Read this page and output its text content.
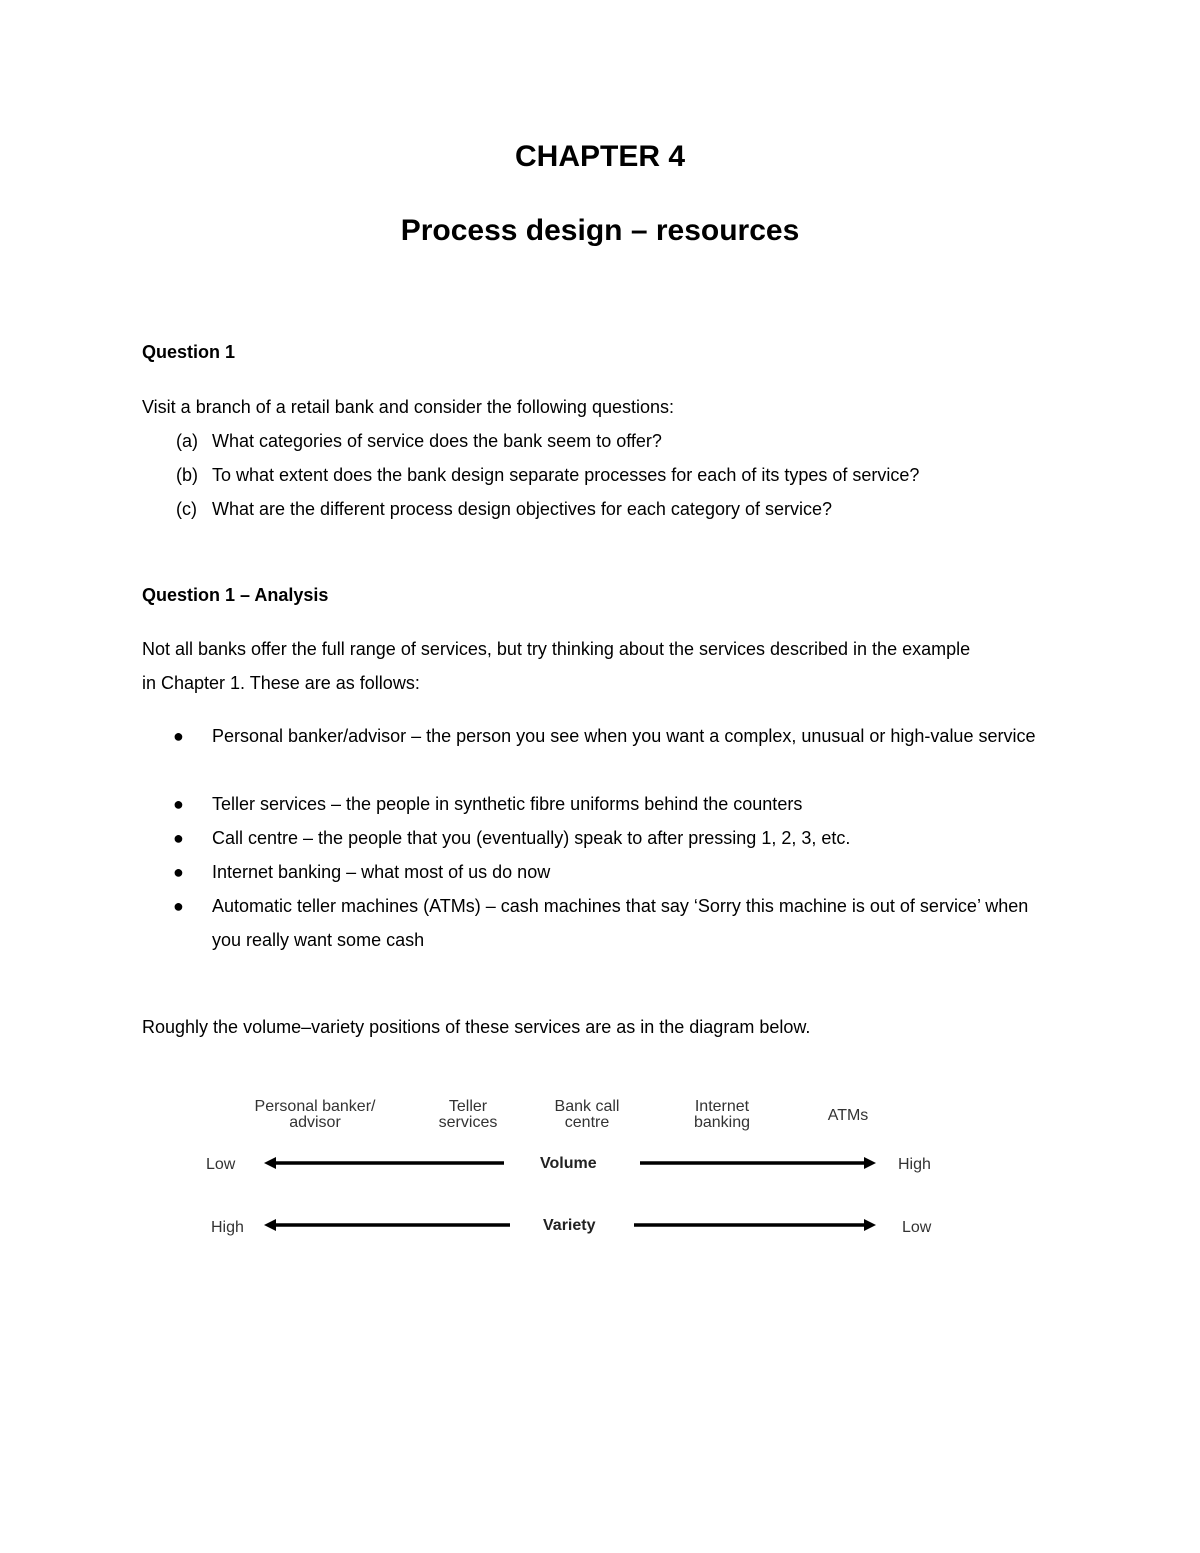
CHAPTER 4
Process design – resources

Question 1

Visit a branch of a retail bank and consider the following questions:

(a) What categories of service does the bank seem to offer?
(b) To what extent does the bank design separate processes for each of its types of service?
(c) What are the different process design objectives for each category of service?

Question 1 – Analysis

Not all banks offer the full range of services, but try thinking about the services described in the example

in Chapter 1. These are as follows:

● Personal banker/advisor – the person you see when you want a complex, unusual or high-value service
● Teller services – the people in synthetic fibre uniforms behind the counters
● Call centre – the people that you (eventually) speak to after pressing 1, 2, 3, etc.
● Internet banking – what most of us do now
● Automatic teller machines (ATMs) – cash machines that say ‘Sorry this machine is out of service’ when you really want some cash

Roughly the volume–variety positions of these services are as in the diagram below.

Personal banker/
advisor
Teller
services
Bank call
centre
Internet
banking	ATMs
Low	Volume	High
High	Variety	Low
